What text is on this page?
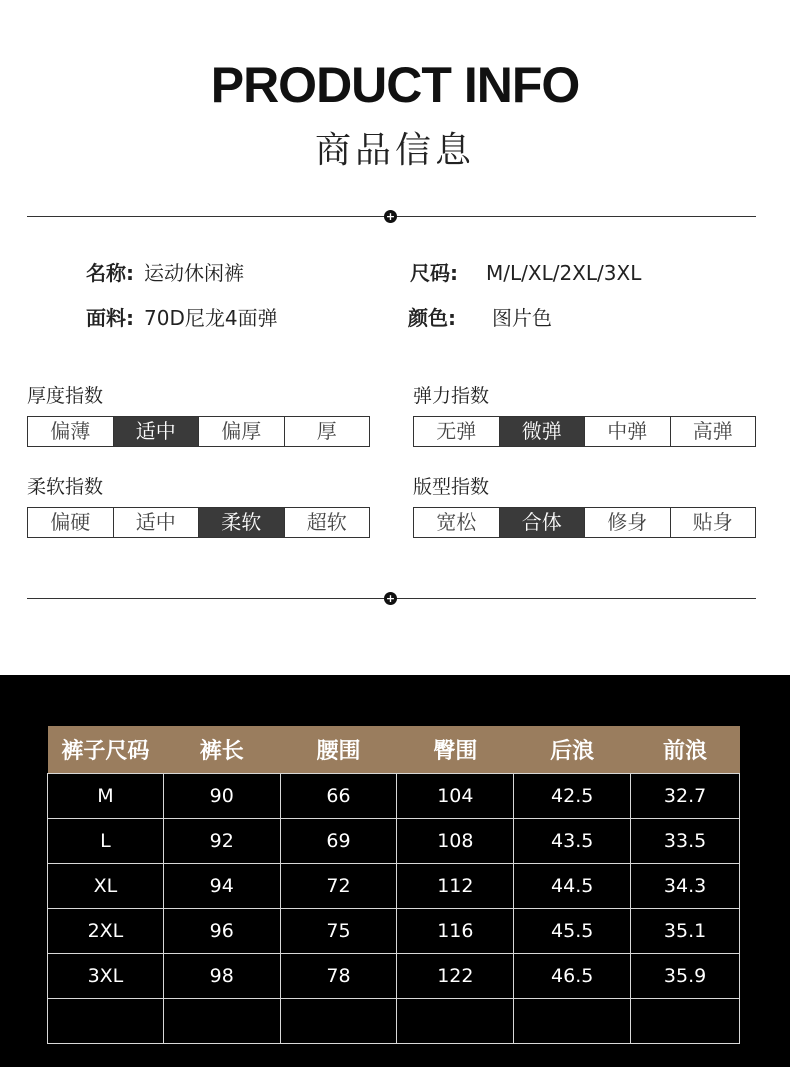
PRODUCT INFO
商品信息
+
名称: 运动休闲裤	尺码: M/L/XL/2XL/3XL
面料: 70D尼龙4面弹	颜色: 图片色
厚度指数
偏薄	适中	偏厚	厚
弹力指数
无弹	微弹	中弹	高弹
柔软指数
偏硬	适中	柔软	超软
版型指数
宽松	合体	修身	贴身
+
裤子尺码	裤长	腰围	臀围	后浪	前浪
M	90	66	104	42.5	32.7
L	92	69	108	43.5	33.5
XL	94	72	112	44.5	34.3
2XL	96	75	116	45.5	35.1
3XL	98	78	122	46.5	35.9
